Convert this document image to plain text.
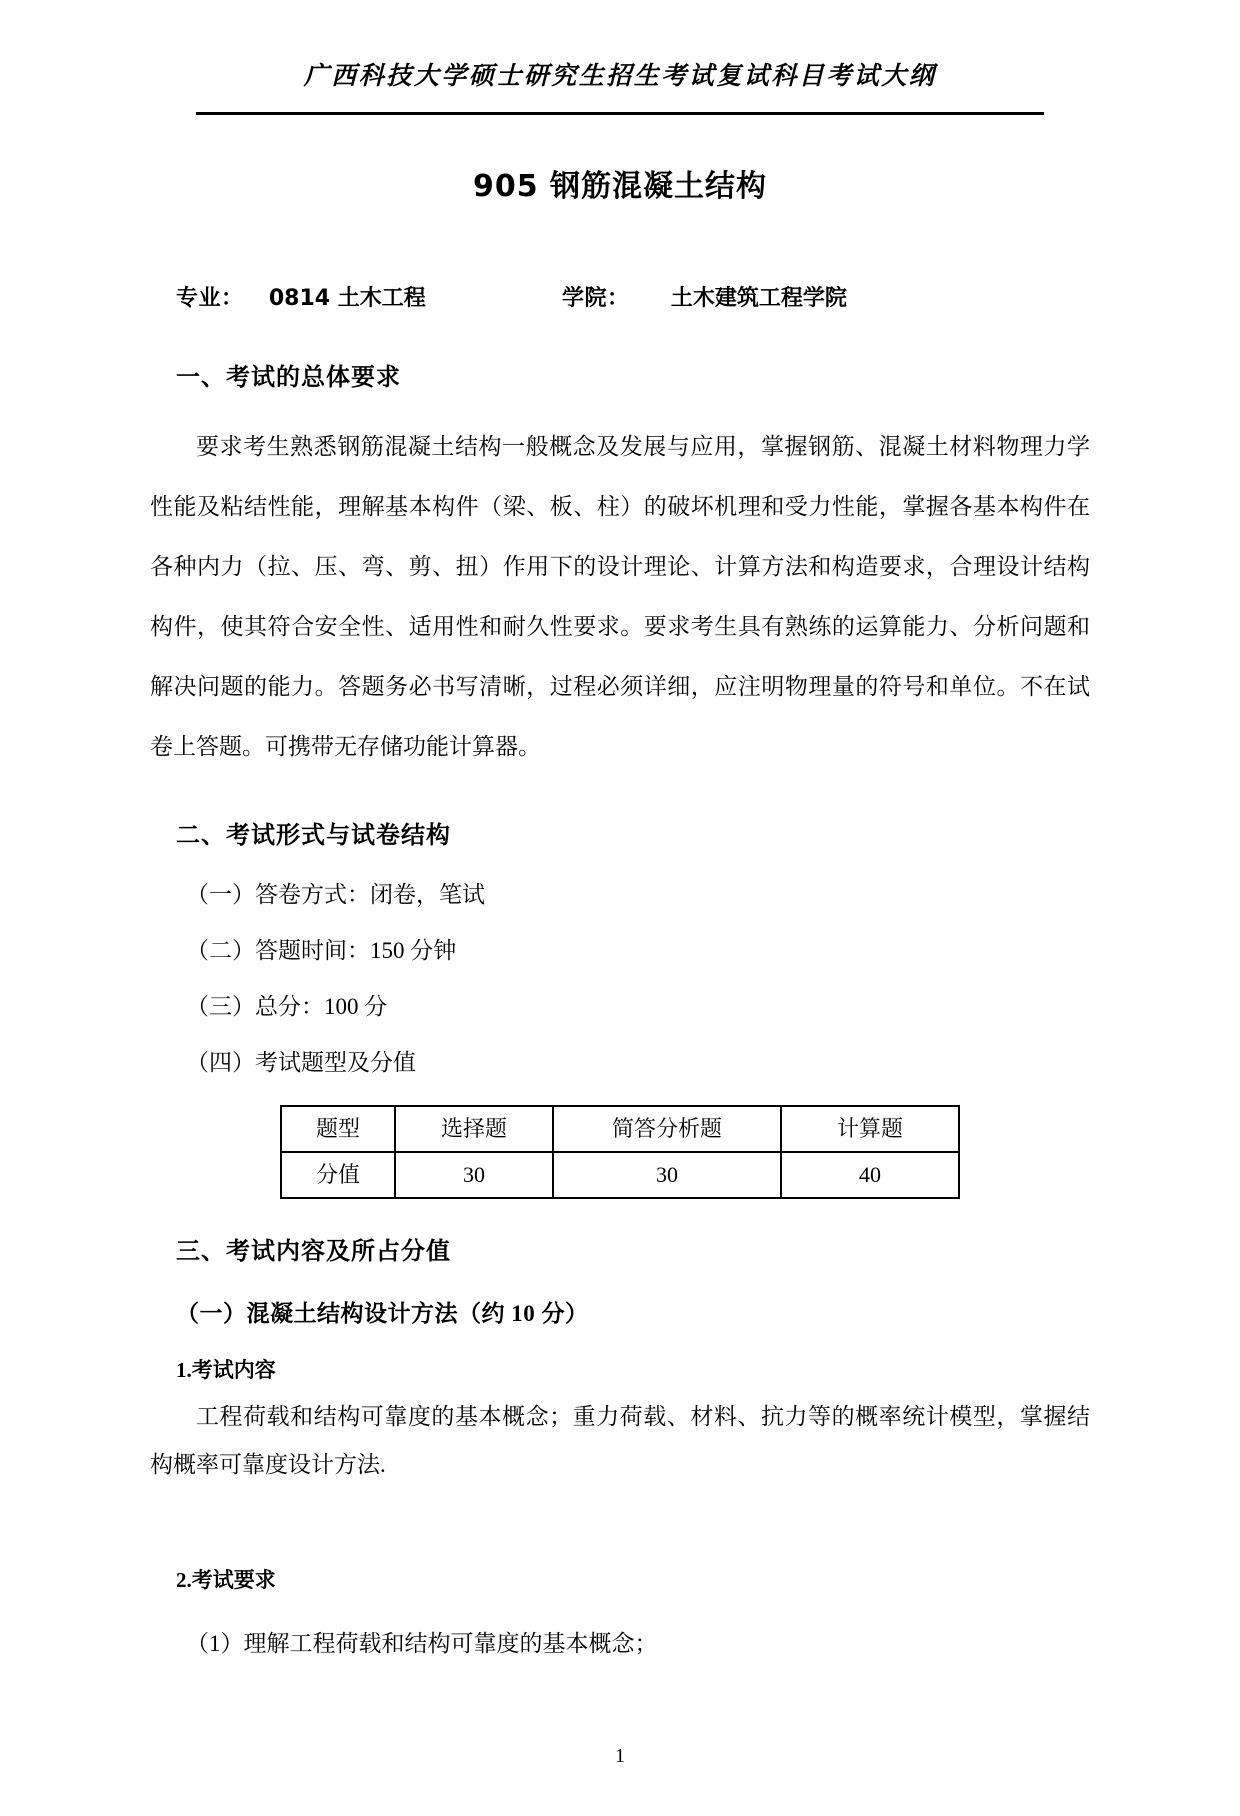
广西科技大学硕士研究生招生考试复试科目考试大纲
905 钢筋混凝土结构
专业： 0814 土木工程	学院： 土木建筑工程学院
一、考试的总体要求
要求考生熟悉钢筋混凝土结构一般概念及发展与应用，掌握钢筋、混凝土材料物理力学性能及粘结性能，理解基本构件（梁、板、柱）的破坏机理和受力性能，掌握各基本构件在各种内力（拉、压、弯、剪、扭）作用下的设计理论、计算方法和构造要求，合理设计结构构件，使其符合安全性、适用性和耐久性要求。要求考生具有熟练的运算能力、分析问题和解决问题的能力。答题务必书写清晰，过程必须详细，应注明物理量的符号和单位。不在试卷上答题。可携带无存储功能计算器。
二、考试形式与试卷结构
（一）答卷方式：闭卷，笔试
（二）答题时间：150 分钟
（三）总分：100 分
（四）考试题型及分值
题型	选择题	简答分析题	计算题
分值	30	30	40
三、考试内容及所占分值
（一）混凝土结构设计方法（约 10 分）
1.考试内容
工程荷载和结构可靠度的基本概念；重力荷载、材料、抗力等的概率统计模型，掌握结构概率可靠度设计方法.
2.考试要求
（1）理解工程荷载和结构可靠度的基本概念；
1
